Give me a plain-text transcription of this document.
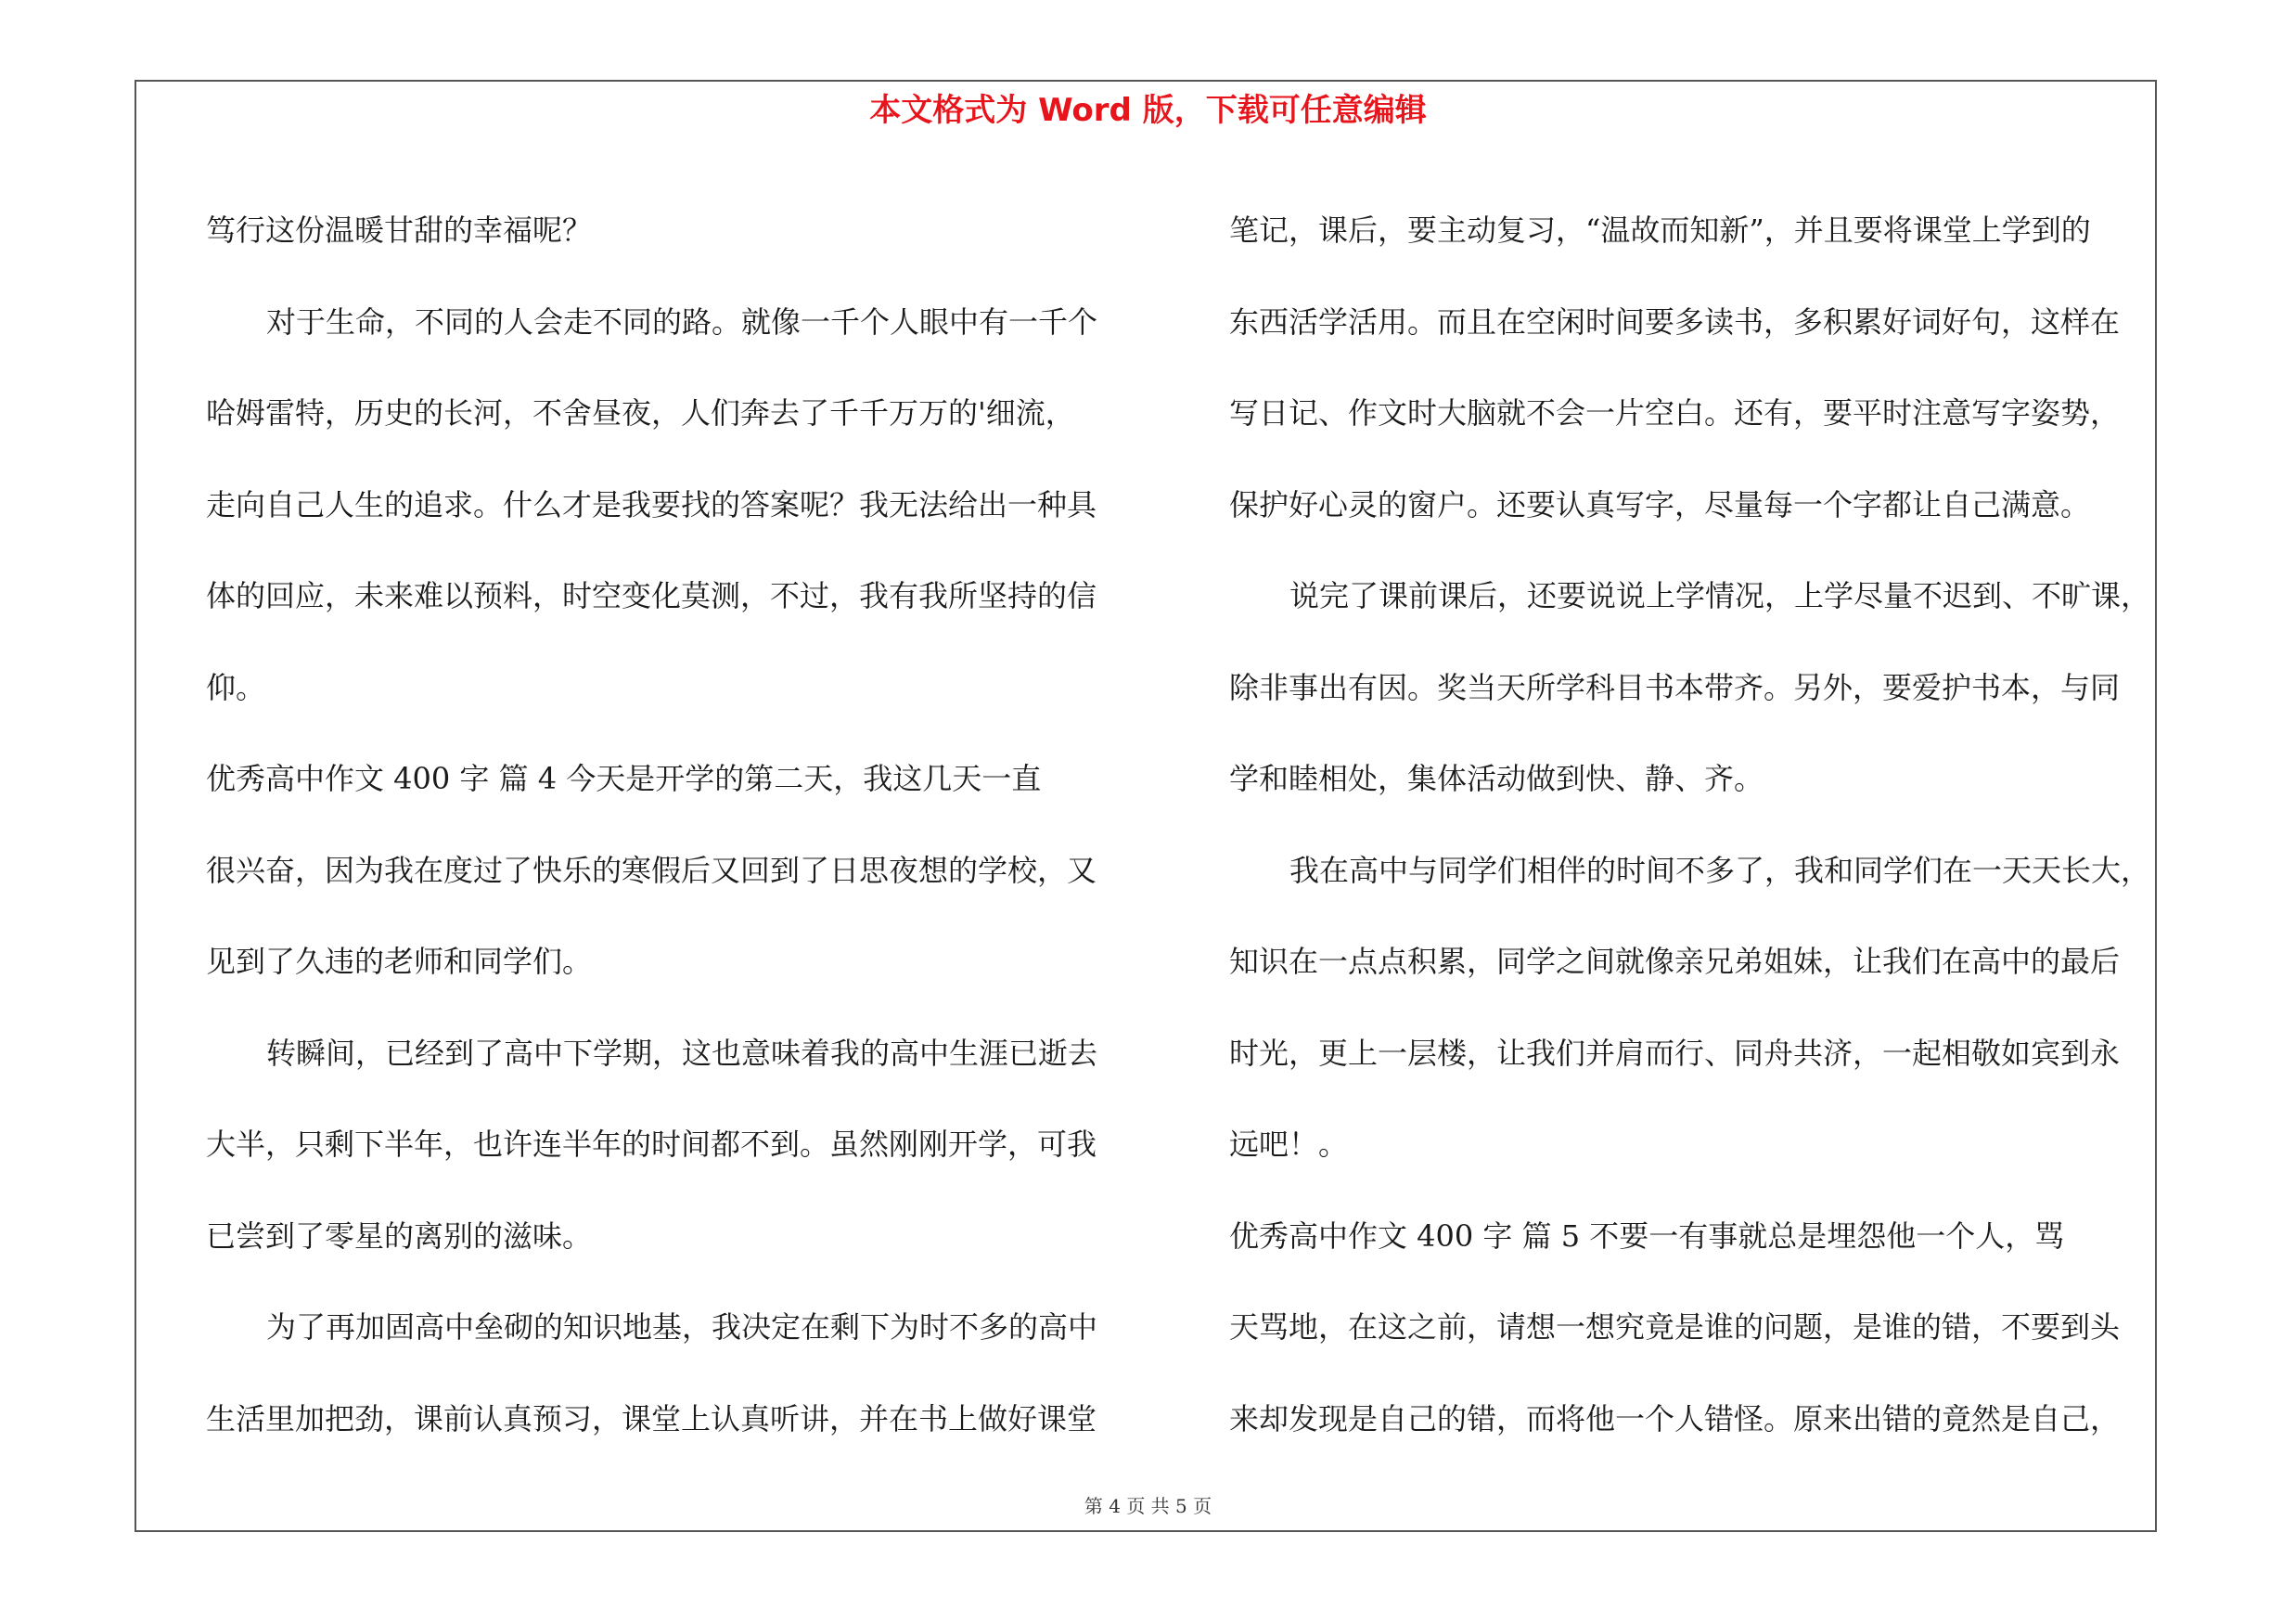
本文格式为 Word 版，下载可任意编辑
笃行这份温暖甘甜的幸福呢？
对于生命，不同的人会走不同的路。就像一千个人眼中有一千个
哈姆雷特，历史的长河，不舍昼夜，人们奔去了千千万万的'细流，
走向自己人生的追求。什么才是我要找的答案呢？我无法给出一种具
体的回应，未来难以预料，时空变化莫测，不过，我有我所坚持的信
仰。
优秀高中作文 400 字 篇 4 今天是开学的第二天，我这几天一直
很兴奋，因为我在度过了快乐的寒假后又回到了日思夜想的学校，又
见到了久违的老师和同学们。
转瞬间，已经到了高中下学期，这也意味着我的高中生涯已逝去
大半，只剩下半年，也许连半年的时间都不到。虽然刚刚开学，可我
已尝到了零星的离别的滋味。
为了再加固高中垒砌的知识地基，我决定在剩下为时不多的高中
生活里加把劲，课前认真预习，课堂上认真听讲，并在书上做好课堂
笔记，课后，要主动复习，“温故而知新”，并且要将课堂上学到的
东西活学活用。而且在空闲时间要多读书，多积累好词好句，这样在
写日记、作文时大脑就不会一片空白。还有，要平时注意写字姿势，
保护好心灵的窗户。还要认真写字，尽量每一个字都让自己满意。
说完了课前课后，还要说说上学情况，上学尽量不迟到、不旷课，
除非事出有因。奖当天所学科目书本带齐。另外，要爱护书本，与同
学和睦相处，集体活动做到快、静、齐。
我在高中与同学们相伴的时间不多了，我和同学们在一天天长大，
知识在一点点积累，同学之间就像亲兄弟姐妹，让我们在高中的最后
时光，更上一层楼，让我们并肩而行、同舟共济，一起相敬如宾到永
远吧！。
优秀高中作文 400 字 篇 5 不要一有事就总是埋怨他一个人，骂
天骂地，在这之前，请想一想究竟是谁的问题，是谁的错，不要到头
来却发现是自己的错，而将他一个人错怪。原来出错的竟然是自己，
第 4 页 共 5 页
